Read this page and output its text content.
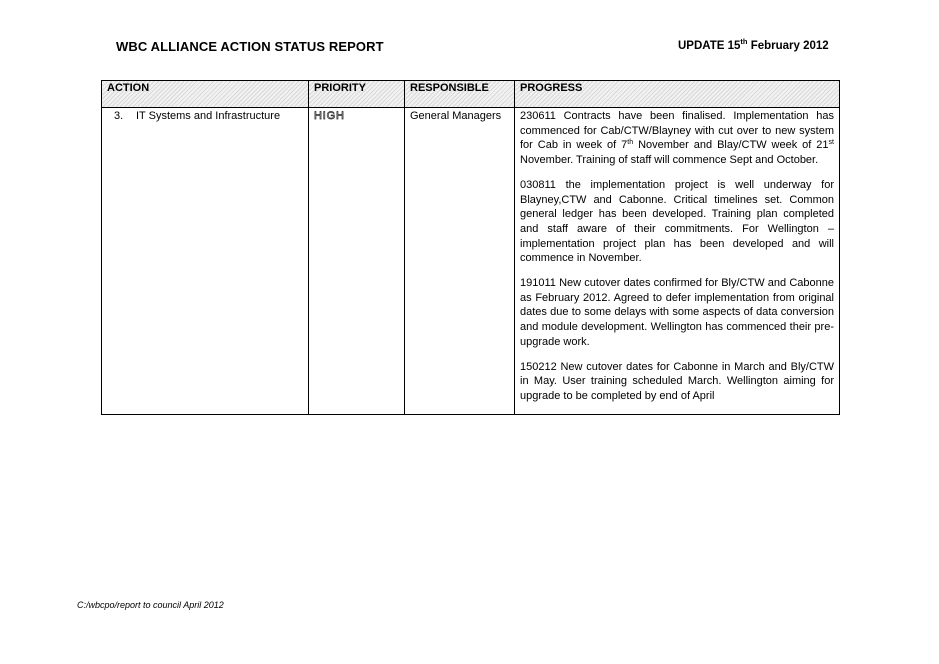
WBC ALLIANCE ACTION STATUS REPORT	UPDATE 15th February 2012
ACTION	PRIORITY	RESPONSIBLE	PROGRESS
3. IT Systems and Infrastructure	HIGH	General Managers	230611 Contracts have been finalised. Implementation has commenced for Cab/CTW/Blayney with cut over to new system for Cab in week of 7th November and Blay/CTW week of 21st November. Training of staff will commence Sept and October.

030811 the implementation project is well underway for Blayney,CTW and Cabonne. Critical timelines set. Common general ledger has been developed. Training plan completed and staff aware of their commitments. For Wellington – implementation project plan has been developed and will commence in November.

191011 New cutover dates confirmed for Bly/CTW and Cabonne as February 2012. Agreed to defer implementation from original dates due to some delays with some aspects of data conversion and module development. Wellington has commenced their pre-upgrade work.

150212 New cutover dates for Cabonne in March and Bly/CTW in May. User training scheduled March. Wellington aiming for upgrade to be completed by end of April

C:/wbcpo/report to council April 2012
